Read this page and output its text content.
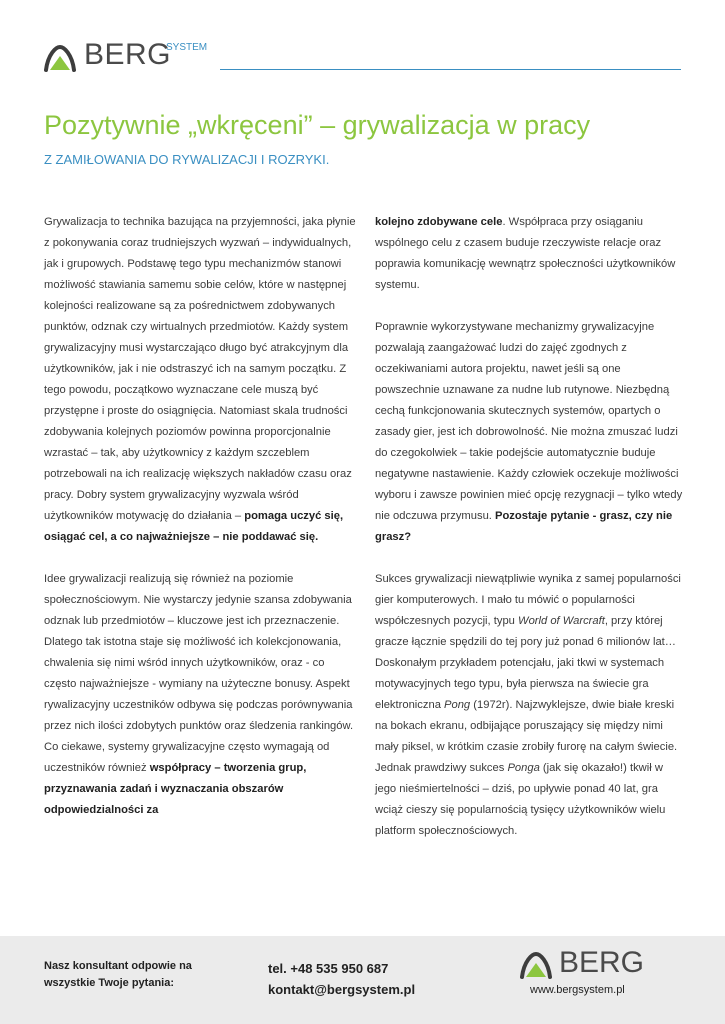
BERG
SYSTEM
Pozytywnie „wkręceni” – grywalizacja w pracy
Z ZAMIŁOWANIA DO RYWALIZACJI I ROZRYKI.

Grywalizacja to technika bazująca na przyjemności, jaka płynie z pokonywania coraz trudniejszych wyzwań – indywidualnych, jak i grupowych. Podstawę tego typu mechanizmów stanowi możliwość stawiania samemu sobie celów, które w następnej kolejności realizowane są za pośrednictwem zdobywanych punktów, odznak czy wirtualnych przedmiotów. Każdy system grywalizacyjny musi wystarczająco długo być atrakcyjnym dla użytkowników, jak i nie odstraszyć ich na samym początku. Z tego powodu, początkowo wyznaczane cele muszą być przystępne i proste do osiągnięcia. Natomiast skala trudności zdobywania kolejnych poziomów powinna proporcjonalnie wzrastać – tak, aby użytkownicy z każdym szczeblem potrzebowali na ich realizację większych nakładów czasu oraz pracy. Dobry system grywalizacyjny wyzwala wśród użytkowników motywację do działania – pomaga uczyć się, osiągać cel, a co najważniejsze – nie poddawać się.

Idee grywalizacji realizują się również na poziomie społecznościowym. Nie wystarczy jedynie szansa zdobywania odznak lub przedmiotów – kluczowe jest ich przeznaczenie. Dlatego tak istotna staje się możliwość ich kolekcjonowania, chwalenia się nimi wśród innych użytkowników, oraz - co często najważniejsze - wymiany na użyteczne bonusy. Aspekt rywalizacyjny uczestników odbywa się podczas porównywania przez nich ilości zdobytych punktów oraz śledzenia rankingów. Co ciekawe, systemy grywalizacyjne często wymagają od uczestników również współpracy – tworzenia grup, przyznawania zadań i wyznaczania obszarów odpowiedzialności za

kolejno zdobywane cele. Współpraca przy osiąganiu wspólnego celu z czasem buduje rzeczywiste relacje oraz poprawia komunikację wewnątrz społeczności użytkowników systemu.

Poprawnie wykorzystywane mechanizmy grywalizacyjne pozwalają zaangażować ludzi do zajęć zgodnych z oczekiwaniami autora projektu, nawet jeśli są one powszechnie uznawane za nudne lub rutynowe. Niezbędną cechą funkcjonowania skutecznych systemów, opartych o zasady gier, jest ich dobrowolność. Nie można zmuszać ludzi do czegokolwiek – takie podejście automatycznie buduje negatywne nastawienie. Każdy człowiek oczekuje możliwości wyboru i zawsze powinien mieć opcję rezygnacji – tylko wtedy nie odczuwa przymusu. Pozostaje pytanie - grasz, czy nie grasz?

Sukces grywalizacji niewątpliwie wynika z samej popularności gier komputerowych. I mało tu mówić o popularności współczesnych pozycji, typu World of Warcraft, przy której gracze łącznie spędzili do tej pory już ponad 6 milionów lat… Doskonałym przykładem potencjału, jaki tkwi w systemach motywacyjnych tego typu, była pierwsza na świecie gra elektroniczna Pong (1972r). Najzwyklejsze, dwie białe kreski na bokach ekranu, odbijające poruszający się między nimi mały piksel, w krótkim czasie zrobiły furorę na całym świecie. Jednak prawdziwy sukces Ponga (jak się okazało!) tkwił w jego nieśmiertelności – dziś, po upływie ponad 40 lat, gra wciąż cieszy się popularnością tysięcy użytkowników wielu platform społecznościowych.

Nasz konsultant odpowie na
wszystkie Twoje pytania:
tel. +48 535 950 687
kontakt@bergsystem.pl
BERG
www.bergsystem.pl
